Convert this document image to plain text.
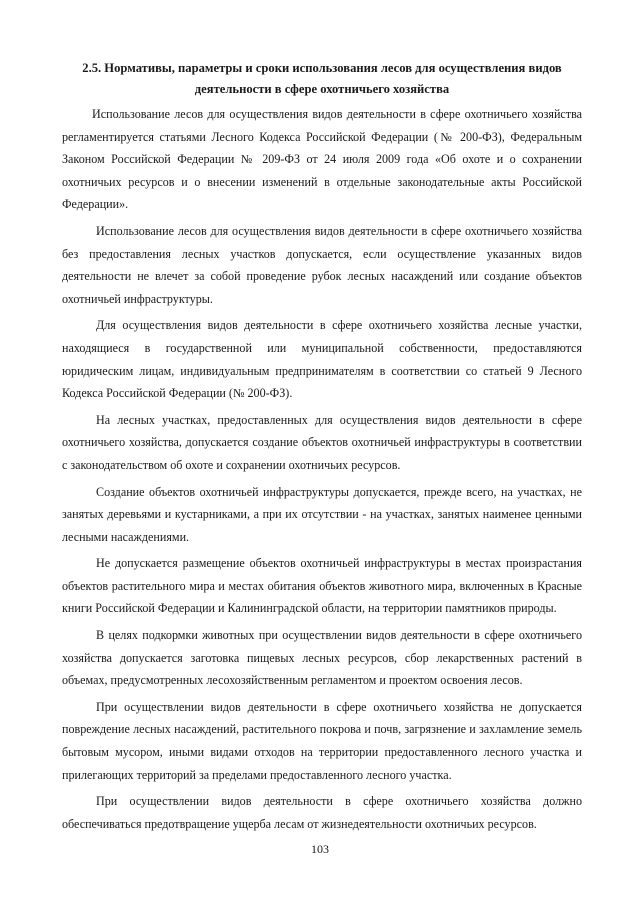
2.5. Нормативы, параметры и сроки использования лесов для осуществления видов
деятельности в сфере охотничьего хозяйства

Использование лесов для осуществления видов деятельности в сфере охотничьего хозяйства регламентируется статьями Лесного Кодекса Российской Федерации (№ 200-ФЗ), Федеральным Законом Российской Федерации № 209-ФЗ от 24 июля 2009 года «Об охоте и о сохранении охотничьих ресурсов и о внесении изменений в отдельные законодательные акты Российской Федерации».

Использование лесов для осуществления видов деятельности в сфере охотничьего хозяйства без предоставления лесных участков допускается, если осуществление указанных видов деятельности не влечет за собой проведение рубок лесных насаждений или создание объектов охотничьей инфраструктуры.

Для осуществления видов деятельности в сфере охотничьего хозяйства лесные участки, находящиеся в государственной или муниципальной собственности, предоставляются юридическим лицам, индивидуальным предпринимателям в соответствии со статьей 9 Лесного Кодекса Российской Федерации (№ 200-ФЗ).

На лесных участках, предоставленных для осуществления видов деятельности в сфере охотничьего хозяйства, допускается создание объектов охотничьей инфраструктуры в соответствии с законодательством об охоте и сохранении охотничьих ресурсов.

Создание объектов охотничьей инфраструктуры допускается, прежде всего, на участках, не занятых деревьями и кустарниками, а при их отсутствии - на участках, занятых наименее ценными лесными насаждениями.

Не допускается размещение объектов охотничьей инфраструктуры в местах произрастания объектов растительного мира и местах обитания объектов животного мира, включенных в Красные книги Российской Федерации и Калининградской области, на территории памятников природы.

В целях подкормки животных при осуществлении видов деятельности в сфере охотничьего хозяйства допускается заготовка пищевых лесных ресурсов, сбор лекарственных растений в объемах, предусмотренных лесохозяйственным регламентом и проектом освоения лесов.

При осуществлении видов деятельности в сфере охотничьего хозяйства не допускается повреждение лесных насаждений, растительного покрова и почв, загрязнение и захламление земель бытовым мусором, иными видами отходов на территории предоставленного лесного участка и прилегающих территорий за пределами предоставленного лесного участка.

При осуществлении видов деятельности в сфере охотничьего хозяйства должно обеспечиваться предотвращение ущерба лесам от жизнедеятельности охотничьих ресурсов.

103
